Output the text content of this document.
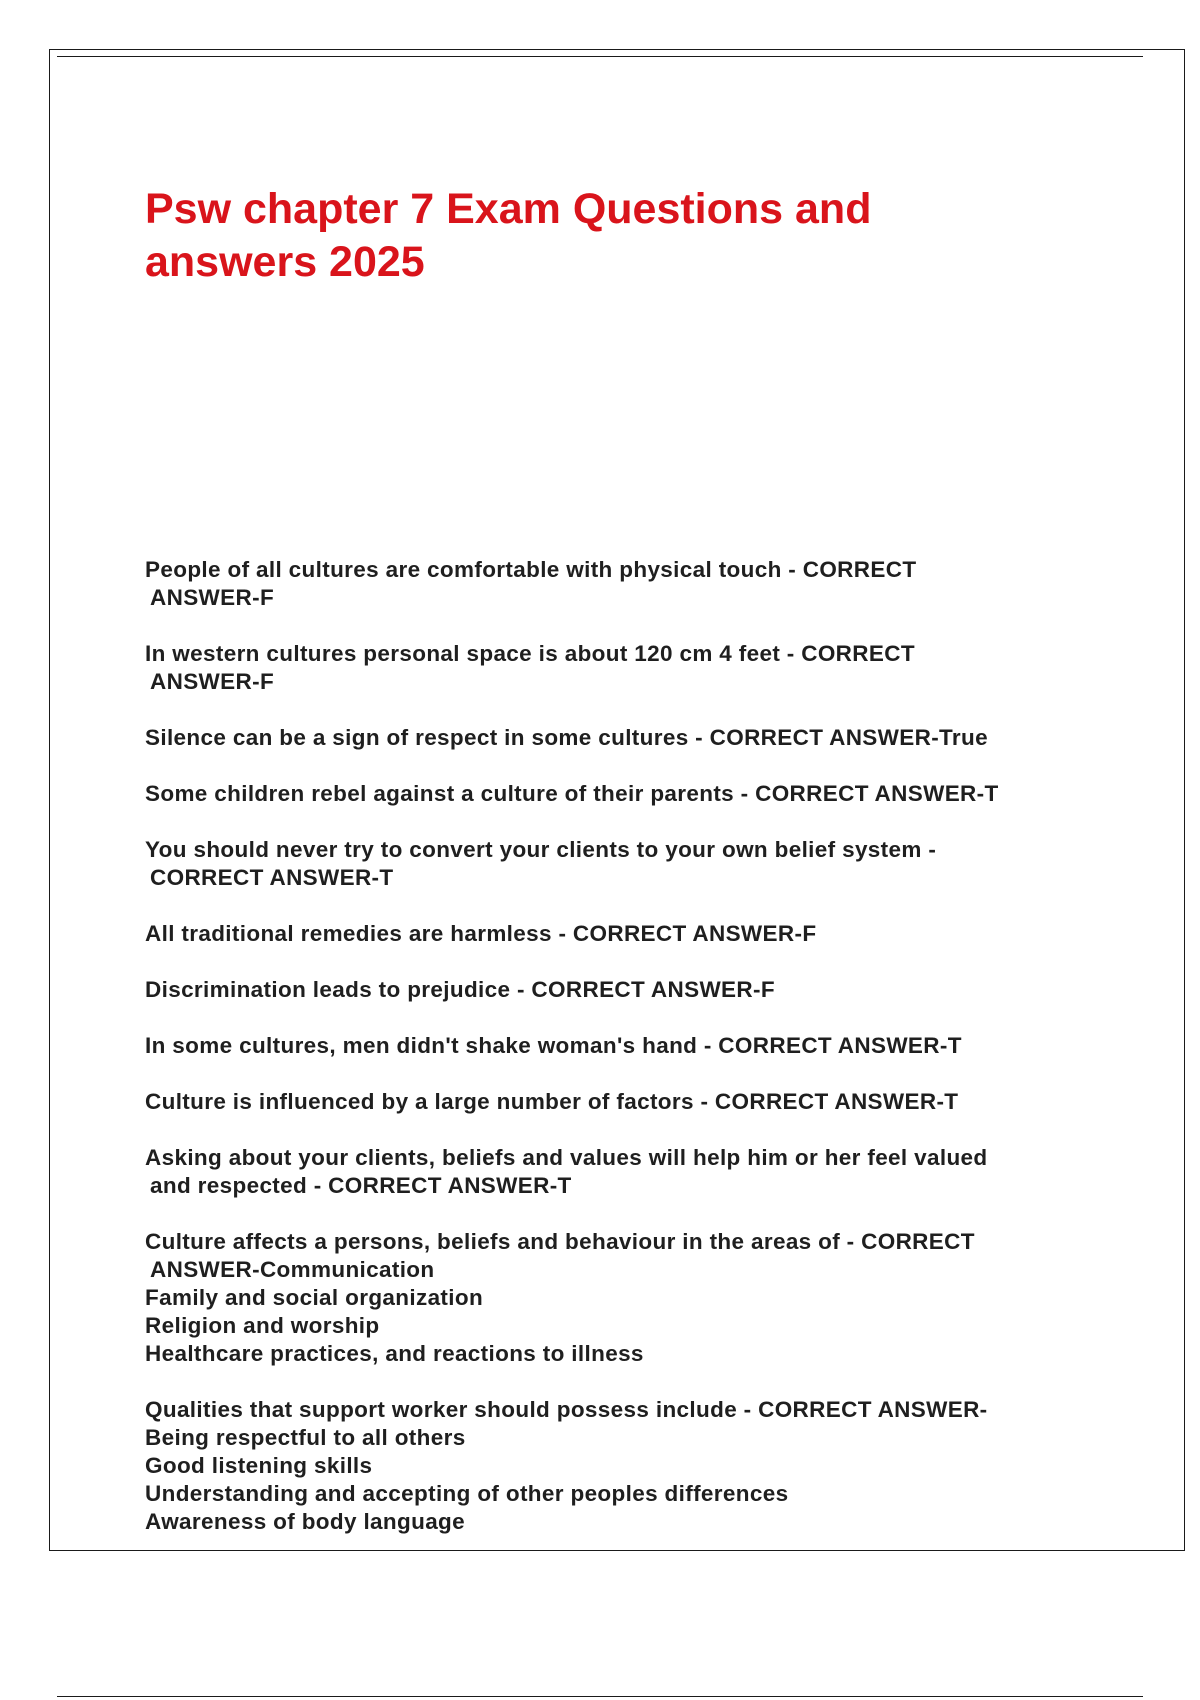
Psw chapter 7 Exam Questions and
answers 2025
People of all cultures are comfortable with physical touch - CORRECT
ANSWER-F
In western cultures personal space is about 120 cm 4 feet - CORRECT
ANSWER-F
Silence can be a sign of respect in some cultures - CORRECT ANSWER-True
Some children rebel against a culture of their parents - CORRECT ANSWER-T
You should never try to convert your clients to your own belief system -
CORRECT ANSWER-T
All traditional remedies are harmless - CORRECT ANSWER-F
Discrimination leads to prejudice - CORRECT ANSWER-F
In some cultures, men didn't shake woman's hand - CORRECT ANSWER-T
Culture is influenced by a large number of factors - CORRECT ANSWER-T
Asking about your clients, beliefs and values will help him or her feel valued
and respected - CORRECT ANSWER-T
Culture affects a persons, beliefs and behaviour in the areas of - CORRECT
ANSWER-Communication
Family and social organization
Religion and worship
Healthcare practices, and reactions to illness
Qualities that support worker should possess include - CORRECT ANSWER-
Being respectful to all others
Good listening skills
Understanding and accepting of other peoples differences
Awareness of body language
